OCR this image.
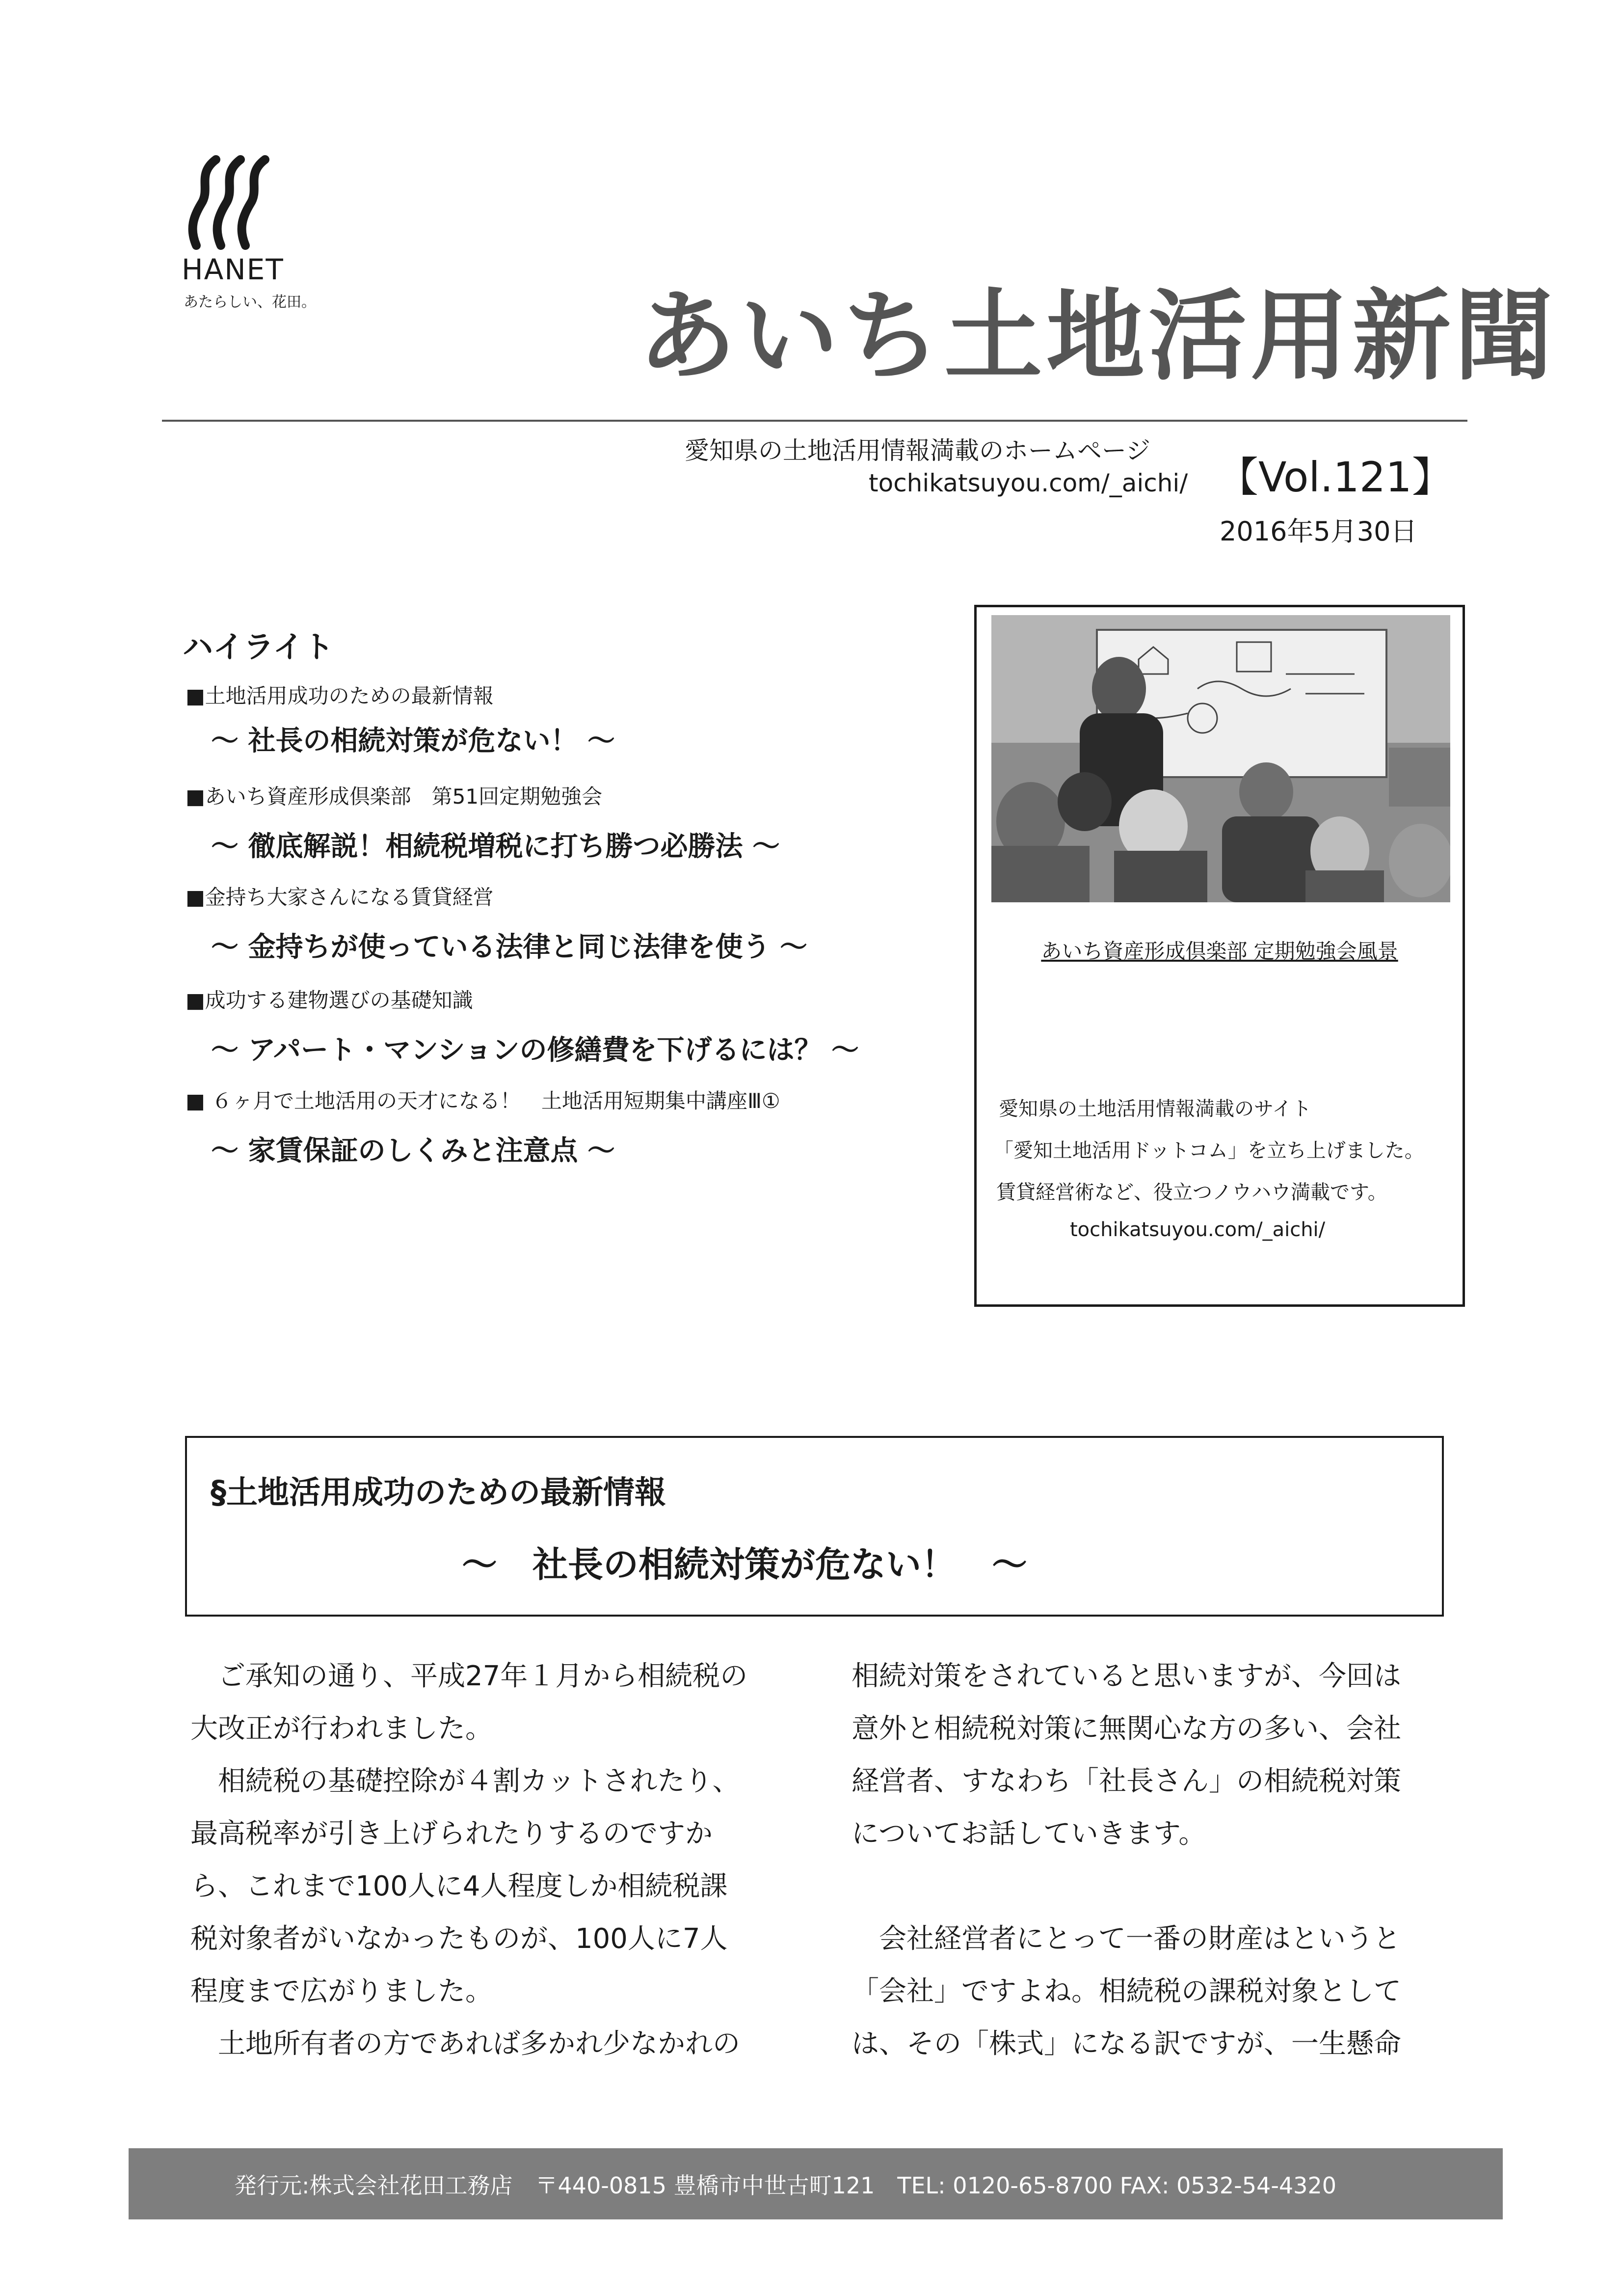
HANET
あたらしい、花田。	あいち土地活用新聞
愛知県の土地活用情報満載のホームページ
tochikatsuyou.com/_aichi/ 【Vol.121】
2016年5月30日
ハイライト
■土地活用成功のための最新情報
～ 社長の相続対策が危ない！ ～
■あいち資産形成倶楽部　第51回定期勉強会
～ 徹底解説！相続税増税に打ち勝つ必勝法 ～
■金持ち大家さんになる賃貸経営
～ 金持ちが使っている法律と同じ法律を使う ～
■成功する建物選びの基礎知識
～ アパート・マンションの修繕費を下げるには？ ～
■ ６ヶ月で土地活用の天才になる！　土地活用短期集中講座Ⅲ①
～ 家賃保証のしくみと注意点 ～
あいち資産形成倶楽部 定期勉強会風景
愛知県の土地活用情報満載のサイト
「愛知土地活用ドットコム」を立ち上げました。
賃貸経営術など、役立つノウハウ満載です。
tochikatsuyou.com/_aichi/
§土地活用成功のための最新情報
～　社長の相続対策が危ない！　～
　ご承知の通り、平成27年１月から相続税の
大改正が行われました。
　相続税の基礎控除が４割カットされたり、
最高税率が引き上げられたりするのですか
ら、これまで100人に4人程度しか相続税課
税対象者がいなかったものが、100人に7人
程度まで広がりました。
　土地所有者の方であれば多かれ少なかれの
相続対策をされていると思いますが、今回は
意外と相続税対策に無関心な方の多い、会社
経営者、すなわち「社長さん」の相続税対策
についてお話していきます。
　会社経営者にとって一番の財産はというと
「会社」ですよね。相続税の課税対象として
は、その「株式」になる訳ですが、一生懸命
発行元:株式会社花田工務店　〒440-0815 豊橋市中世古町121　TEL: 0120-65-8700 FAX: 0532-54-4320
